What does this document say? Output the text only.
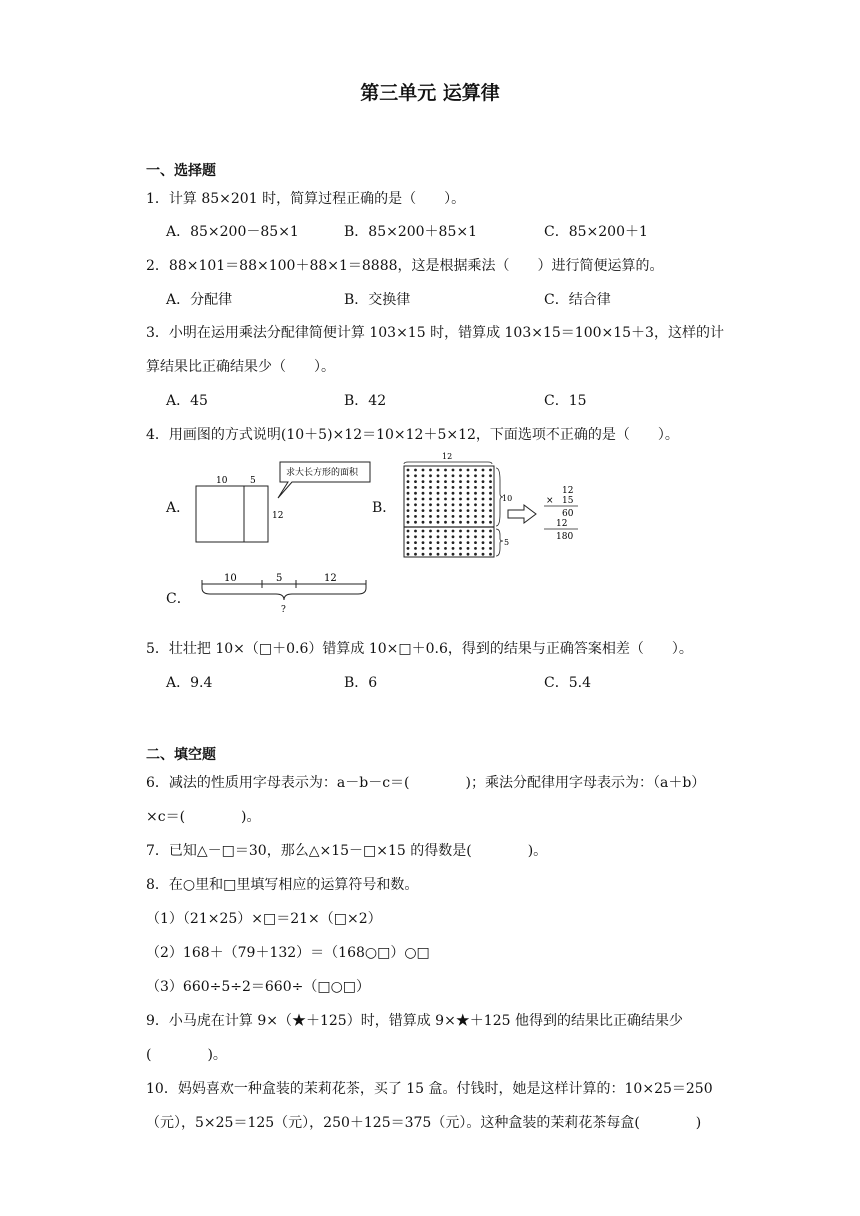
第三单元 运算律
一、选择题
1．计算 85×201 时，简算过程正确的是（　　）。
A．85×200－85×1	B．85×200＋85×1	C．85×200＋1
2．88×101＝88×100＋88×1＝8888，这是根据乘法（　　）进行简便运算的。
A．分配律	B．交换律	C．结合律
3．小明在运用乘法分配律简便计算 103×15 时，错算成 103×15＝100×15＋3，这样的计
算结果比正确结果少（　　）。
A．45	B．42	C．15
4．用画图的方式说明(10＋5)×12＝10×12＋5×12，下面选项不正确的是（　　）。
A．
10	5
12
求大长方形的面积
B．
12
10
5
12
× 15
60
12
180
C．
10	5	12
?
5．壮壮把 10×（□＋0.6）错算成 10×□＋0.6，得到的结果与正确答案相差（　　）。
A．9.4	B．6	C．5.4
二、填空题
6．减法的性质用字母表示为：a－b－c＝(　　　　)；乘法分配律用字母表示为：（a＋b）
×c＝(　　　　)。
7．已知△－□＝30，那么△×15－□×15 的得数是(　　　　)。
8．在○里和□里填写相应的运算符号和数。
（1）（21×25）×□＝21×（□×2）
（2）168＋（79＋132）＝（168○□）○□
（3）660÷5÷2＝660÷（□○□）
9．小马虎在计算 9×（★＋125）时，错算成 9×★＋125 他得到的结果比正确结果少
(　　　　)。
10．妈妈喜欢一种盒装的茉莉花茶，买了 15 盒。付钱时，她是这样计算的：10×25＝250
（元），5×25＝125（元），250＋125＝375（元）。这种盒装的茉莉花茶每盒(　　　　)
